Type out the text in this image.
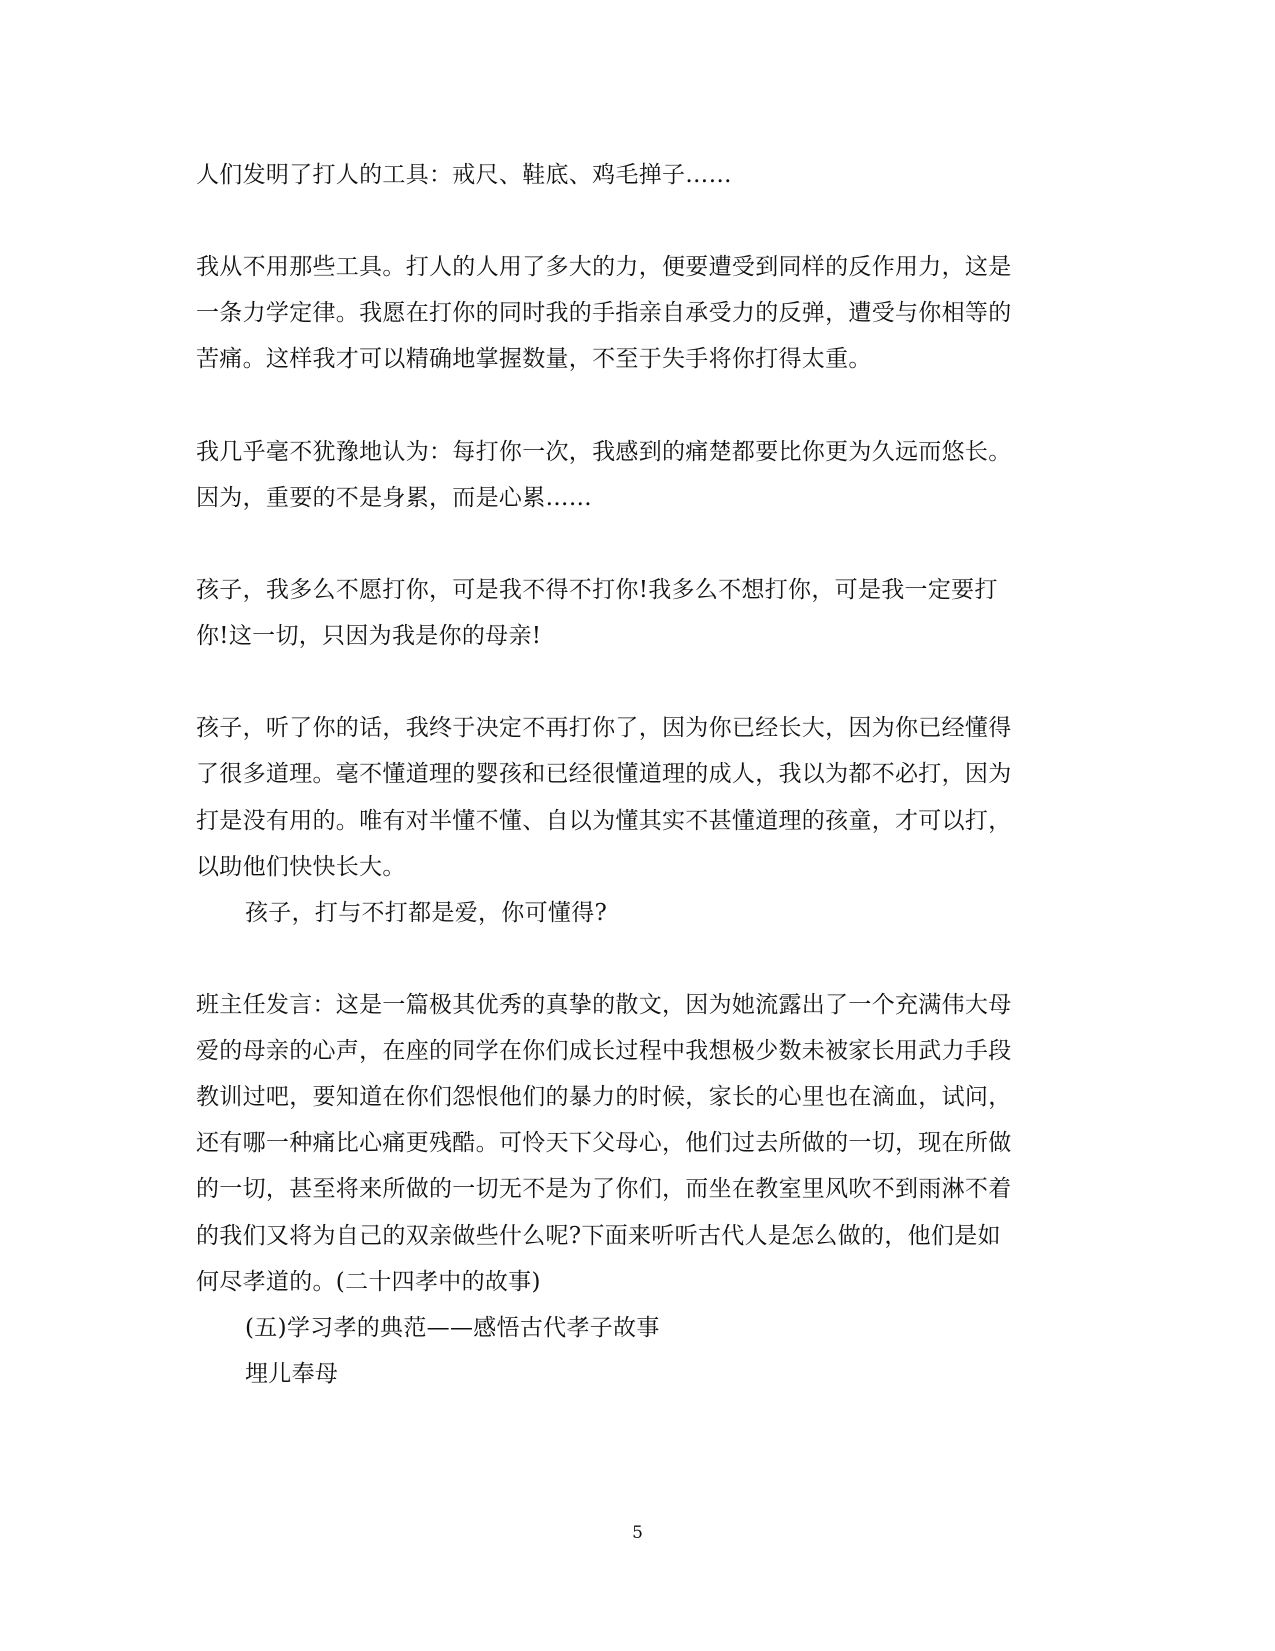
人们发明了打人的工具：戒尺、鞋底、鸡毛掸子……
我从不用那些工具。打人的人用了多大的力，便要遭受到同样的反作用力，这是
一条力学定律。我愿在打你的同时我的手指亲自承受力的反弹，遭受与你相等的
苦痛。这样我才可以精确地掌握数量，不至于失手将你打得太重。
我几乎毫不犹豫地认为：每打你一次，我感到的痛楚都要比你更为久远而悠长。
因为，重要的不是身累，而是心累……
孩子，我多么不愿打你，可是我不得不打你!我多么不想打你，可是我一定要打
你!这一切，只因为我是你的母亲!
孩子，听了你的话，我终于决定不再打你了，因为你已经长大，因为你已经懂得
了很多道理。毫不懂道理的婴孩和已经很懂道理的成人，我以为都不必打，因为
打是没有用的。唯有对半懂不懂、自以为懂其实不甚懂道理的孩童，才可以打，
以助他们快快长大。
孩子，打与不打都是爱，你可懂得?
班主任发言：这是一篇极其优秀的真挚的散文，因为她流露出了一个充满伟大母
爱的母亲的心声，在座的同学在你们成长过程中我想极少数未被家长用武力手段
教训过吧，要知道在你们怨恨他们的暴力的时候，家长的心里也在滴血，试问，
还有哪一种痛比心痛更残酷。可怜天下父母心，他们过去所做的一切，现在所做
的一切，甚至将来所做的一切无不是为了你们，而坐在教室里风吹不到雨淋不着
的我们又将为自己的双亲做些什么呢?下面来听听古代人是怎么做的，他们是如
何尽孝道的。(二十四孝中的故事)
(五)学习孝的典范——感悟古代孝子故事
埋儿奉母
5
